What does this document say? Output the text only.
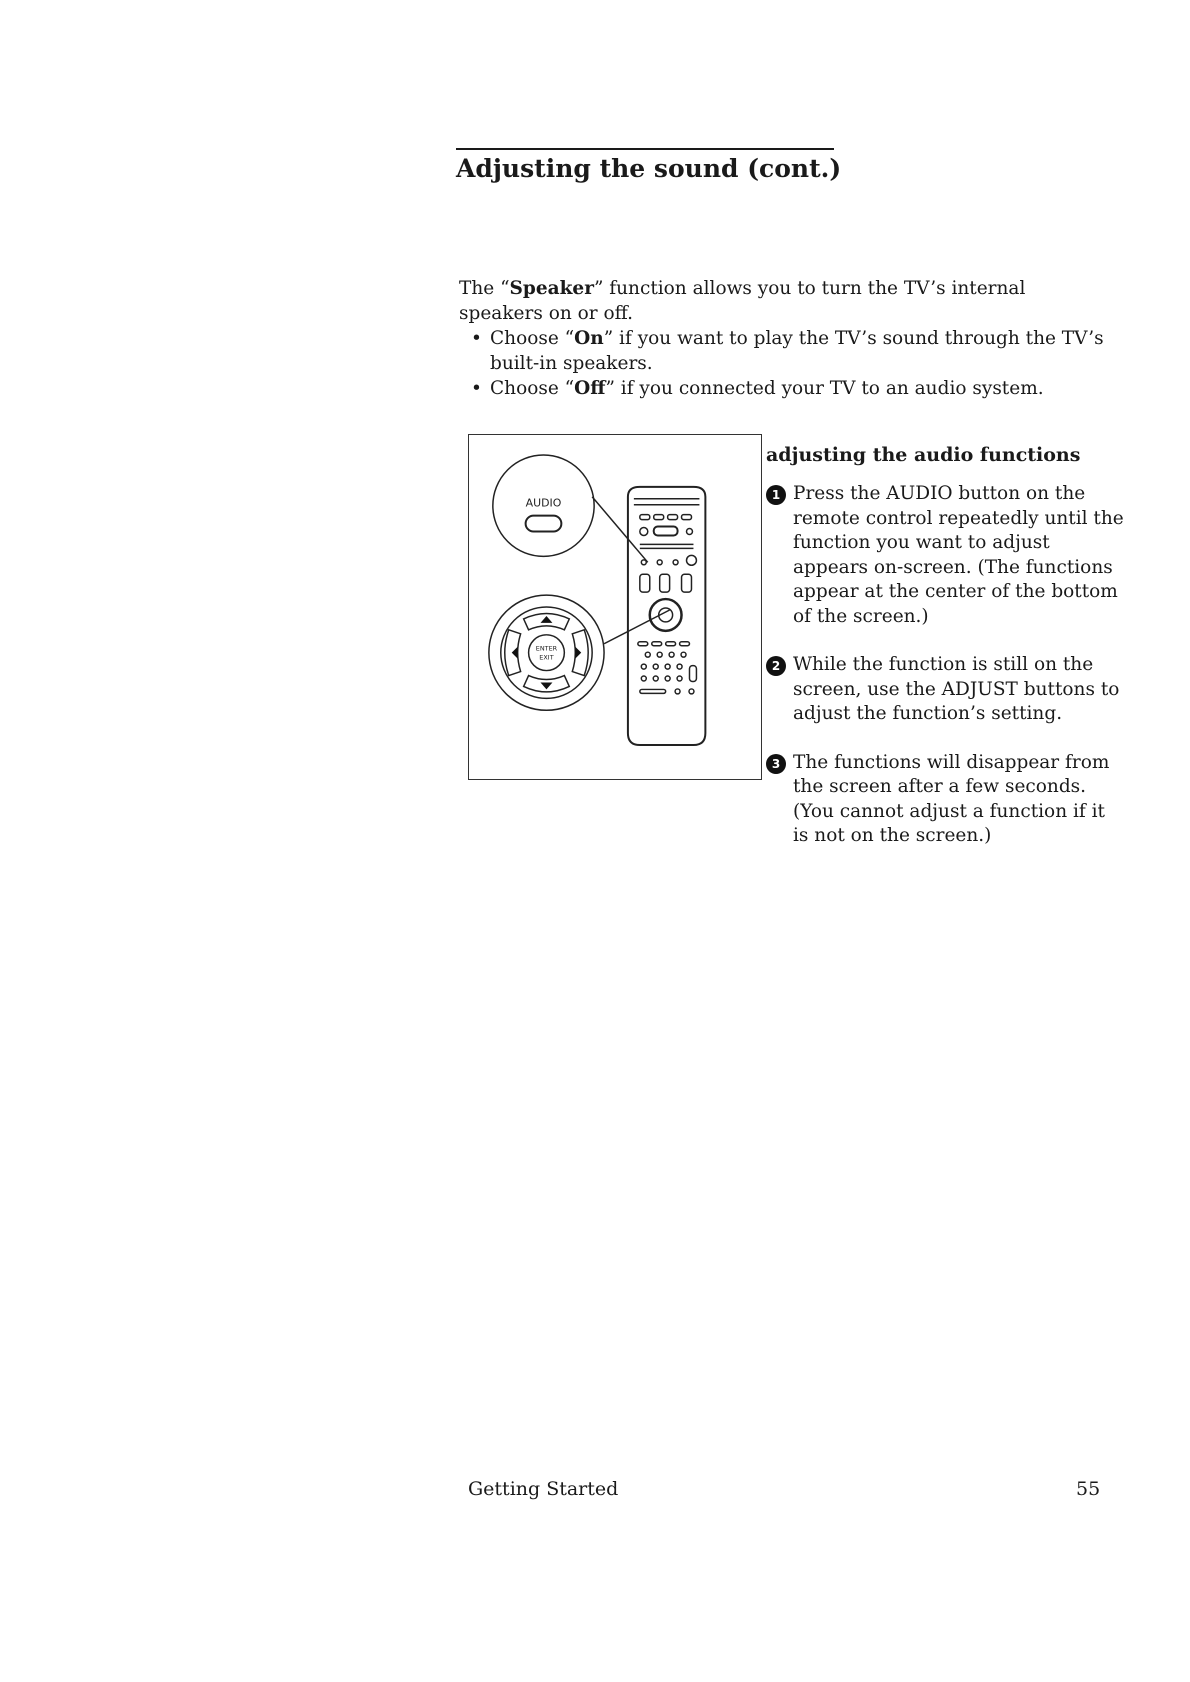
Adjusting the sound (cont.)

The “Speaker” function allows you to turn the TV’s internal speakers on or off.

• Choose “On” if you want to play the TV’s sound through the TV’s built-in speakers.
• Choose “Off” if you connected your TV to an audio system.
AUDIO
ENTER
EXIT
adjusting the audio functions
1 Press the AUDIO button on the remote control repeatedly until the function you want to adjust appears on-screen. (The functions appear at the center of the bottom of the screen.)
2 While the function is still on the screen, use the ADJUST buttons to adjust the function’s setting.
3 The functions will disappear from the screen after a few seconds. (You cannot adjust a function if it is not on the screen.)
Getting Started	55
